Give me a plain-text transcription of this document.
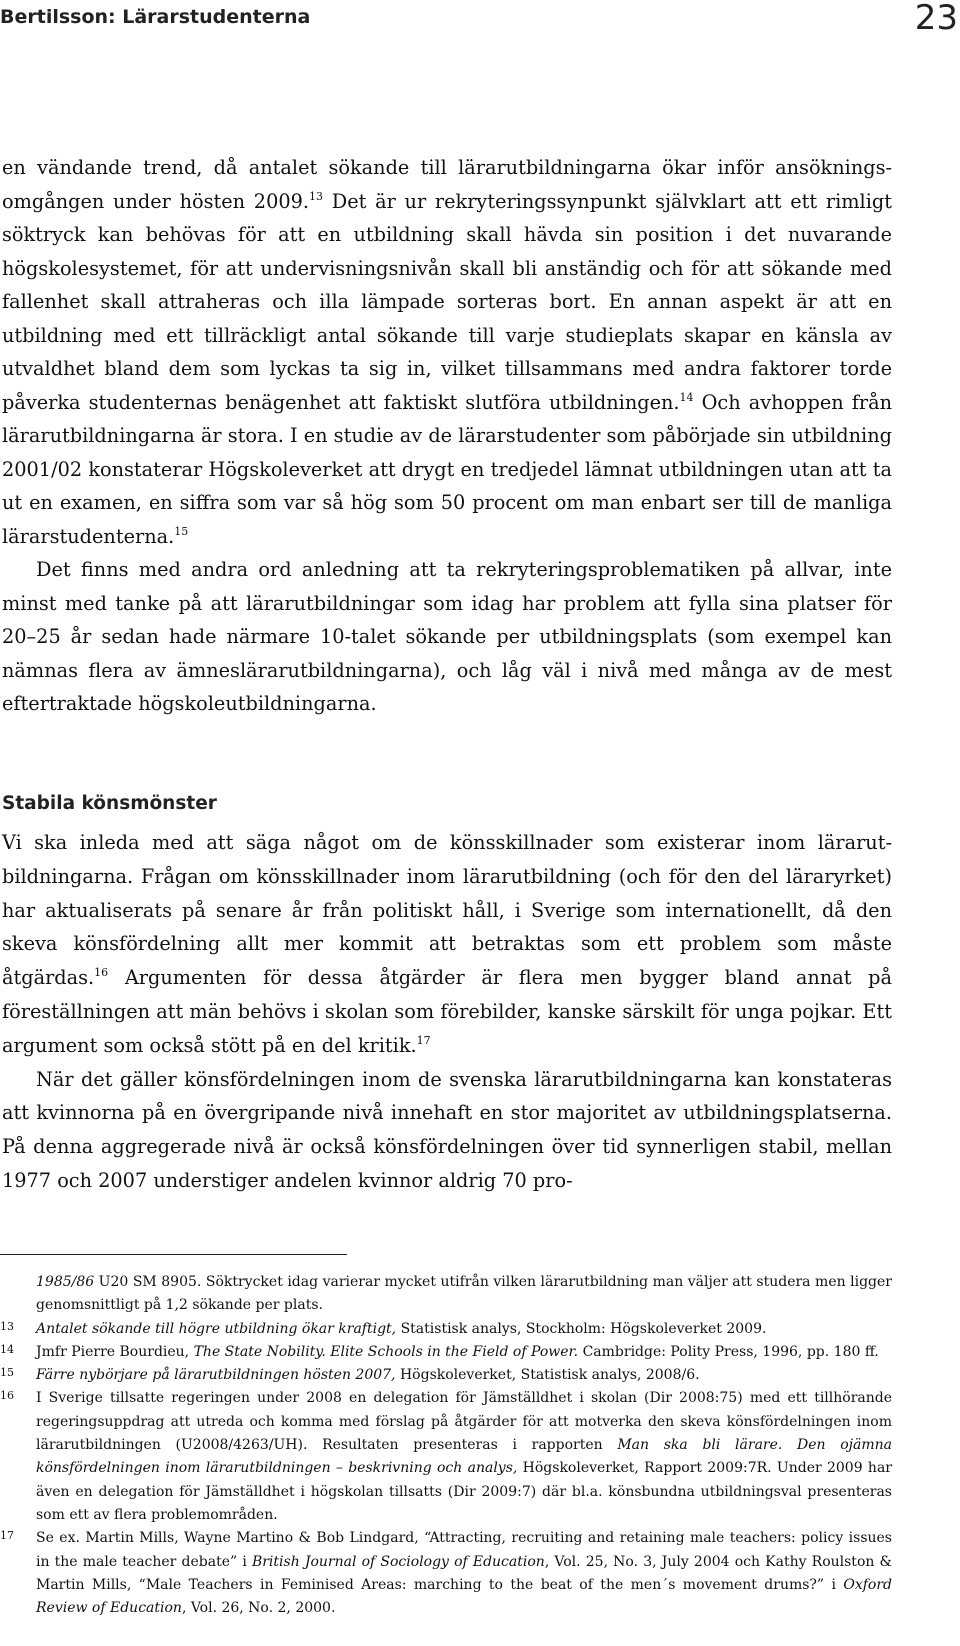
Bertilsson: Lärarstudenterna	23

en vändande trend, då antalet sökande till lärarutbildningarna ökar inför ansökningsomgången under hösten 2009.13 Det är ur rekryteringssynpunkt självklart att ett rimligt söktryck kan behövas för att en utbildning skall hävda sin position i det nuvarande högskolesystemet, för att undervisningsnivån skall bli anständig och för att sökande med fallenhet skall attraheras och illa lämpade sorteras bort. En annan aspekt är att en utbildning med ett tillräckligt antal sökande till varje studieplats skapar en känsla av utvaldhet bland dem som lyckas ta sig in, vilket tillsammans med andra faktorer torde påverka studenternas benägenhet att faktiskt slutföra utbildningen.$^{14}$ Och avhoppen från lärarutbildningarna är stora. I en studie av de lärarstudenter som påbörjade sin utbildning 2001/02 konstaterar Högskoleverket att drygt en tredjedel lämnat utbildningen utan att ta ut en examen, en siffra som var så hög som 50 procent om man enbart ser till de manliga lärarstudenterna.$^{15}$

Det finns med andra ord anledning att ta rekryteringsproblematiken på allvar, inte minst med tanke på att lärarutbildningar som idag har problem att fylla sina platser för 20–25 år sedan hade närmare 10-talet sökande per utbildningsplats (som exempel kan nämnas flera av ämneslärarutbildningarna), och låg väl i nivå med många av de mest eftertraktade högskoleutbildningarna.

Stabila könsmönster

Vi ska inleda med att säga något om de könsskillnader som existerar inom lärarutbildningarna. Frågan om könsskillnader inom lärarutbildning (och för den del läraryrket) har aktualiserats på senare år från politiskt håll, i Sverige som internationellt, då den skeva könsfördelning allt mer kommit att betraktas som ett problem som måste åtgärdas.$^{16}$ Argumenten för dessa åtgärder är flera men bygger bland annat på föreställningen att män behövs i skolan som förebilder, kanske särskilt för unga pojkar. Ett argument som också stött på en del kritik.$^{17}$

När det gäller könsfördelningen inom de svenska lärarutbildningarna kan konstateras att kvinnorna på en övergripande nivå innehaft en stor majoritet av utbildningsplatserna. På denna aggregerade nivå är också könsfördelningen över tid synnerligen stabil, mellan 1977 och 2007 understiger andelen kvinnor aldrig 70 pro-

1985/86 U20 SM 8905. Söktrycket idag varierar mycket utifrån vilken lärarutbildning man väljer att studera men ligger genomsnittligt på 1,2 sökande per plats.

13 Antalet sökande till högre utbildning ökar kraftigt, Statistisk analys, Stockholm: Högskoleverket 2009.

14 Jmfr Pierre Bourdieu, The State Nobility. Elite Schools in the Field of Power. Cambridge: Polity Press, 1996, pp. 180 ff.

15 Färre nybörjare på lärarutbildningen hösten 2007, Högskoleverket, Statistisk analys, 2008/6.

16 I Sverige tillsatte regeringen under 2008 en delegation för Jämställdhet i skolan (Dir 2008:75) med ett tillhörande regeringsuppdrag att utreda och komma med förslag på åtgärder för att motverka den skeva könsfördelningen inom lärarutbildningen (U2008/4263/UH). Resultaten presenteras i rapporten Man ska bli lärare. Den ojämna könsfördelningen inom lärarutbildningen – beskrivning och analys, Högskoleverket, Rapport 2009:7R. Under 2009 har även en delegation för Jämställdhet i högskolan tillsatts (Dir 2009:7) där bl.a. könsbundna utbildningsval presenteras som ett av flera problemområden.

17 Se ex. Martin Mills, Wayne Martino & Bob Lindgard, “Attracting, recruiting and retaining male teachers: policy issues in the male teacher debate” i British Journal of Sociology of Education, Vol. 25, No. 3, July 2004 och Kathy Roulston & Martin Mills, “Male Teachers in Feminised Areas: marching to the beat of the men´s movement drums?” i Oxford Review of Education, Vol. 26, No. 2, 2000.
